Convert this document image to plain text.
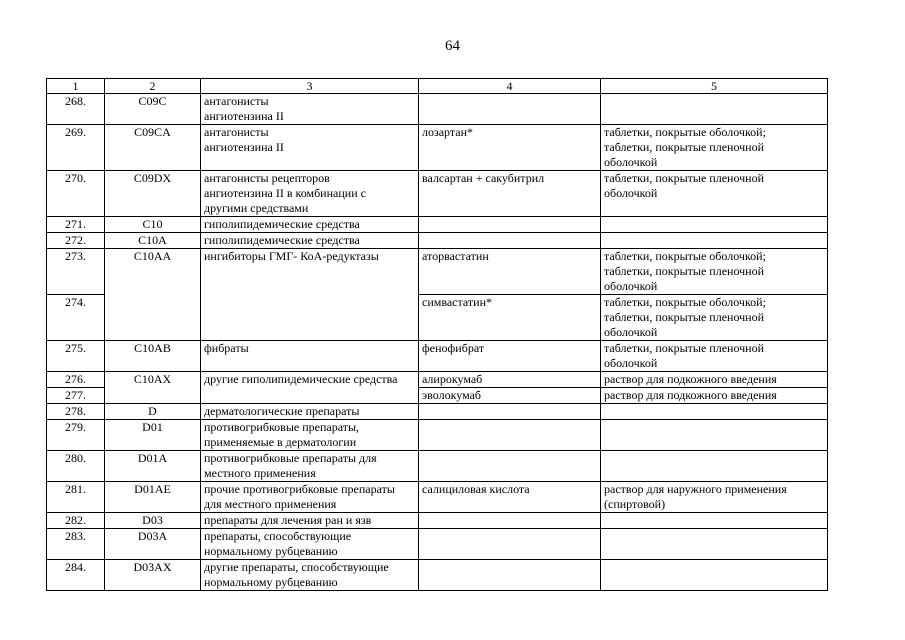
64
1	2	3	4	5
268.	C09C	антагонисты
ангиотензина II		
269.	C09CA	антагонисты
ангиотензина II	лозартан*	таблетки, покрытые оболочкой;
таблетки, покрытые пленочной
оболочкой
270.	C09DX	антагонисты рецепторов
ангиотензина II в комбинации с
другими средствами	валсартан + сакубитрил	таблетки, покрытые пленочной
оболочкой
271.	C10	гиполипидемические средства		
272.	C10A	гиполипидемические средства		
273.	C10AA	ингибиторы ГМГ- КоА-редуктазы	аторвастатин	таблетки, покрытые оболочкой;
таблетки, покрытые пленочной
оболочкой
274.			симвастатин*	таблетки, покрытые оболочкой;
таблетки, покрытые пленочной
оболочкой
275.	C10AB	фибраты	фенофибрат	таблетки, покрытые пленочной
оболочкой
276.	C10AX	другие гиполипидемические средства	алирокумаб	раствор для подкожного введения
277.			эволокумаб	раствор для подкожного введения
278.	D	дерматологические препараты		
279.	D01	противогрибковые препараты,
применяемые в дерматологии		
280.	D01A	противогрибковые препараты для
местного применения		
281.	D01AE	прочие противогрибковые препараты
для местного применения	салициловая кислота	раствор для наружного применения
(спиртовой)
282.	D03	препараты для лечения ран и язв		
283.	D03A	препараты, способствующие
нормальному рубцеванию		
284.	D03AX	другие препараты, способствующие
нормальному рубцеванию		
